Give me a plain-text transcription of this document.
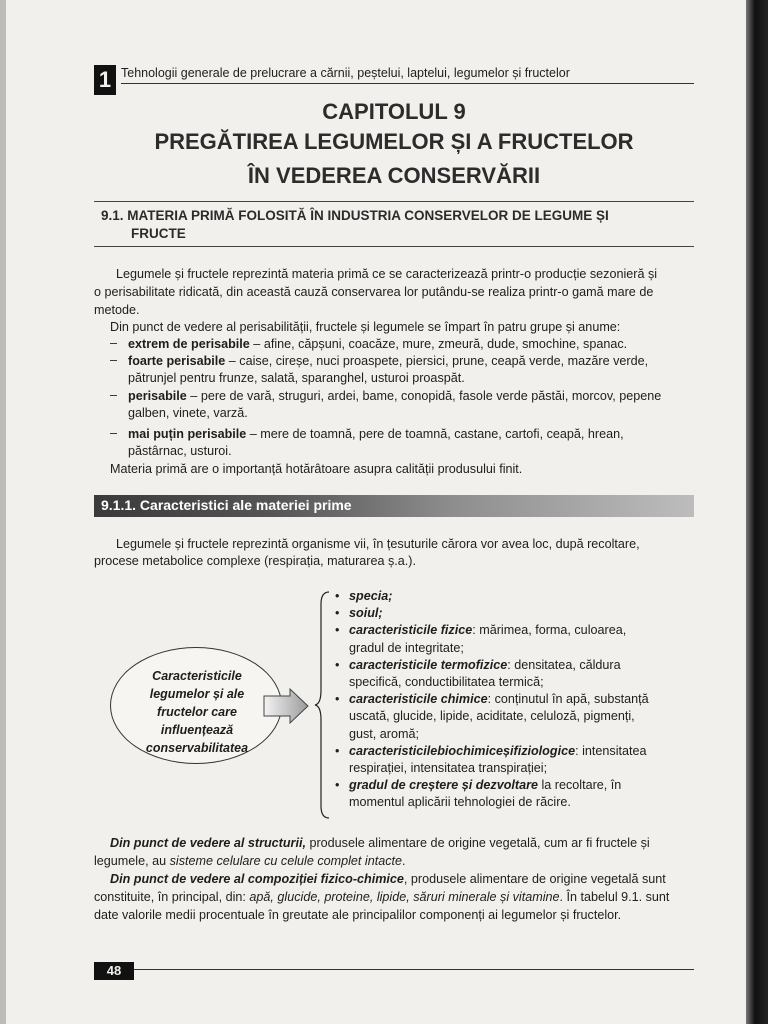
1 Tehnologii generale de prelucrare a cărnii, peștelui, laptelui, legumelor și fructelor
CAPITOLUL 9
PREGĂTIREA LEGUMELOR ȘI A FRUCTELOR
ÎN VEDEREA CONSERVĂRII
9.1. MATERIA PRIMĂ FOLOSITĂ ÎN INDUSTRIA CONSERVELOR DE LEGUME ȘI
FRUCTE
Legumele și fructele reprezintă materia primă ce se caracterizează printr-o producție sezonieră și
o perisabilitate ridicată, din această cauză conservarea lor putându-se realiza printr-o gamă mare de
metode.
Din punct de vedere al perisabilității, fructele și legumele se împart în patru grupe și anume:
– extrem de perisabile – afine, căpșuni, coacăze, mure, zmeură, dude, smochine, spanac.
– foarte perisabile – caise, cireșe, nuci proaspete, piersici, prune, ceapă verde, mazăre verde,
pătrunjel pentru frunze, salată, sparanghel, usturoi proaspăt.
– perisabile – pere de vară, struguri, ardei, bame, conopidă, fasole verde păstăi, morcov, pepene
galben, vinete, varză.
– mai puțin perisabile – mere de toamnă, pere de toamnă, castane, cartofi, ceapă, hrean,
păstârnac, usturoi.
Materia primă are o importanță hotărâtoare asupra calității produsului finit.
9.1.1. Caracteristici ale materiei prime
Legumele și fructele reprezintă organisme vii, în țesuturile cărora vor avea loc, după recoltare,
procese metabolice complexe (respirația, maturarea ș.a.).
Caracteristicile
legumelor și ale
fructelor care
influențează
conservabilitatea
• specia;
• soiul;
• caracteristicile fizice: mărimea, forma, culoarea,
gradul de integritate;
• caracteristicile termofizice: densitatea, căldura
specifică, conductibilitatea termică;
• caracteristicile chimice: conținutul în apă, substanță
uscată, glucide, lipide, aciditate, celuloză, pigmenți,
gust, aromă;
• caracteristicilebiochimiceșifiziologice: intensitatea
respirației, intensitatea transpirației;
• gradul de creștere și dezvoltare la recoltare, în
momentul aplicării tehnologiei de răcire.
Din punct de vedere al structurii, produsele alimentare de origine vegetală, cum ar fi fructele și
legumele, au sisteme celulare cu celule complet intacte.
Din punct de vedere al compoziției fizico-chimice, produsele alimentare de origine vegetală sunt
constituite, în principal, din: apă, glucide, proteine, lipide, săruri minerale și vitamine. În tabelul 9.1. sunt
date valorile medii procentuale în greutate ale principalilor componenți ai legumelor și fructelor.
48
